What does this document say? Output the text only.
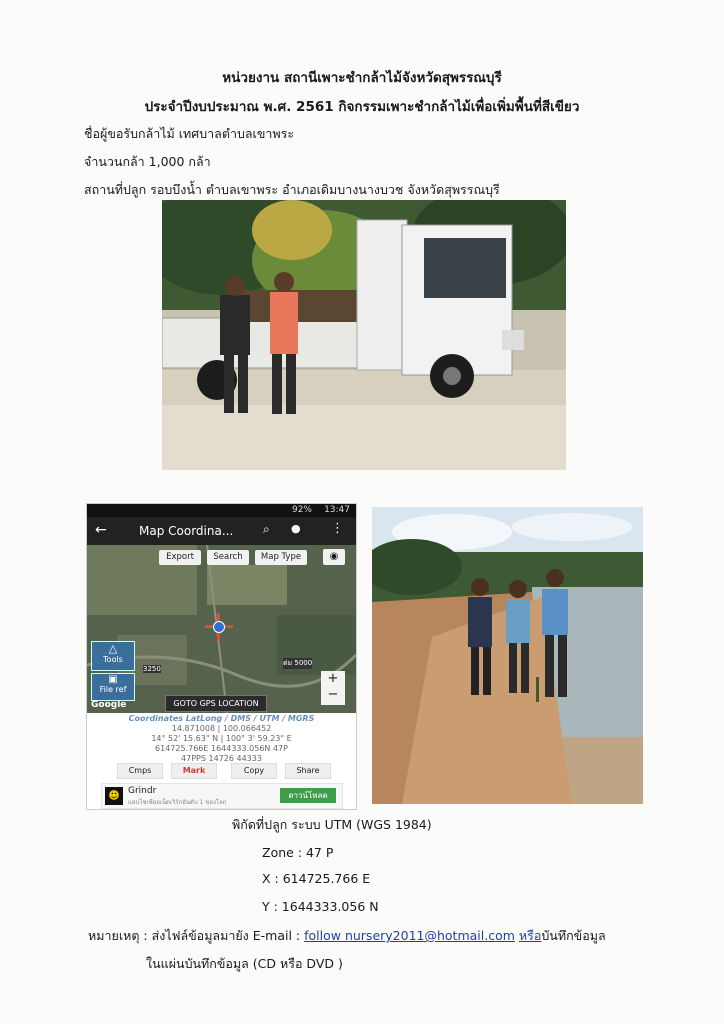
หน่วยงาน สถานีเพาะชำกล้าไม้จังหวัดสุพรรณบุรี
ประจำปีงบประมาณ พ.ศ. 2561 กิจกรรมเพาะชำกล้าไม้เพื่อเพิ่มพื้นที่สีเขียว
ชื่อผู้ขอรับกล้าไม้ เทศบาลตำบลเขาพระ
จำนวนกล้า 1,000 กล้า
สถานที่ปลูก รอบบึงน้ำ ตำบลเขาพระ อำเภอเดิมบางนางบวช จังหวัดสุพรรณบุรี
92% 13:47
←	Map Coordina... ⌕ ● ⋮
Export	Search	Map Type	◉
△
Tools
▣
File ref
3250
ต่ม 5000
+
−
Google	GOTO GPS LOCATION
Coordinates LatLong / DMS / UTM / MGRS
14.871008 | 100.066452
14° 52' 15.63" N | 100° 3' 59.23" E
614725.766E 1644333.056N 47P
47PPS 14726 44333
Cmps	Mark	Copy	Share
☻ Grindr
แอปโซเชียลเน็ตเวิร์กอันดับ 1 ของโลก
ดาวน์โหลด
พิกัดที่ปลูก ระบบ UTM (WGS 1984)
Zone : 47 P
X : 614725.766 E
Y : 1644333.056 N
หมายเหตุ : ส่งไฟล์ข้อมูลมายัง E-mail : follow nursery2011@hotmail.com หรือบันทึกข้อมูล
ในแผ่นบันทึกข้อมูล (CD หรือ DVD )
